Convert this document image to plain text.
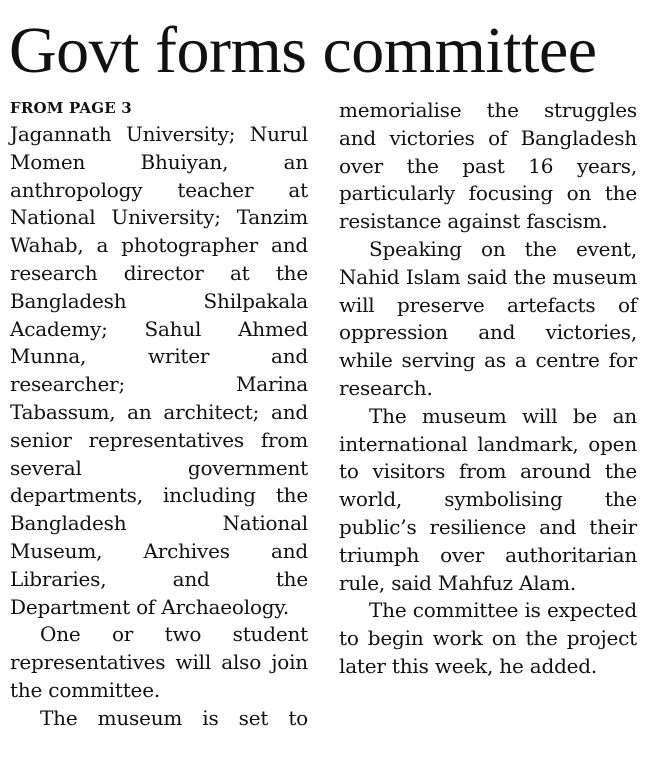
Govt forms committee
FROM PAGE 3

Jagannath University; Nurul Momen Bhuiyan, an anthropology teacher at National University; Tanzim Wahab, a photographer and research director at the Bangladesh Shilpakala Academy; Sahul Ahmed Munna, writer and researcher; Marina Tabassum, an architect; and senior representatives from several government departments, including the Bangladesh National Museum, Archives and Libraries, and the Department of Archaeology.

One or two student representatives will also join the committee.

The museum is set to

memorialise the struggles and victories of Bangladesh over the past 16 years, particularly focusing on the resistance against fascism.

Speaking on the event, Nahid Islam said the museum will preserve artefacts of oppression and victories, while serving as a centre for research.

The museum will be an international landmark, open to visitors from around the world, symbolising the public’s resilience and their triumph over authoritarian rule, said Mahfuz Alam.

The committee is expected to begin work on the project later this week, he added.
